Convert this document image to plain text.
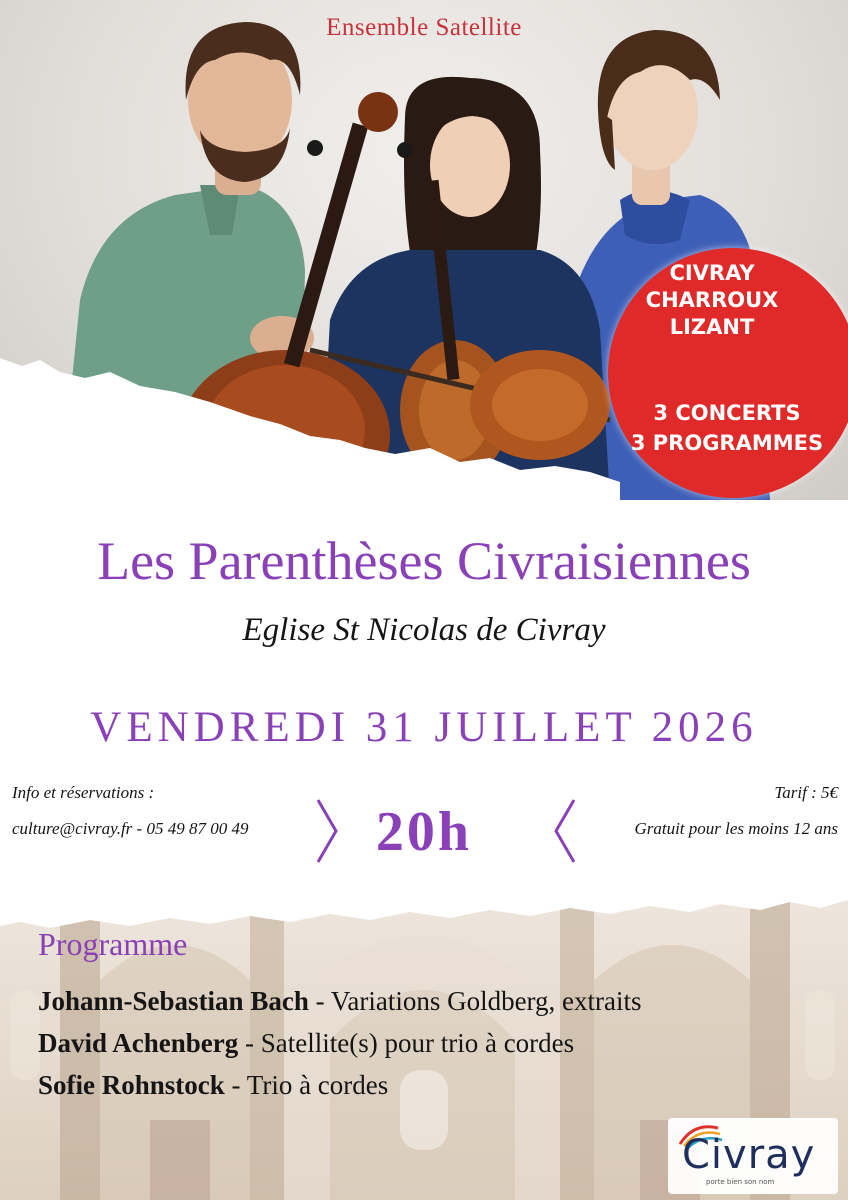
Ensemble Satellite
CIVRAY
CHARROUX
LIZANT
3 CONCERTS
3 PROGRAMMES
Les Parenthèses Civraisiennes
Eglise St Nicolas de Civray
VENDREDI 31 JUILLET 2026
Info et réservations :
culture@civray.fr - 05 49 87 00 49	20h
Tarif : 5€
Gratuit pour les moins 12 ans
Programme
Johann-Sebastian Bach - Variations Goldberg, extraits
David Achenberg - Satellite(s) pour trio à cordes
Sofie Rohnstock - Trio à cordes
Civray
porte bien son nom
